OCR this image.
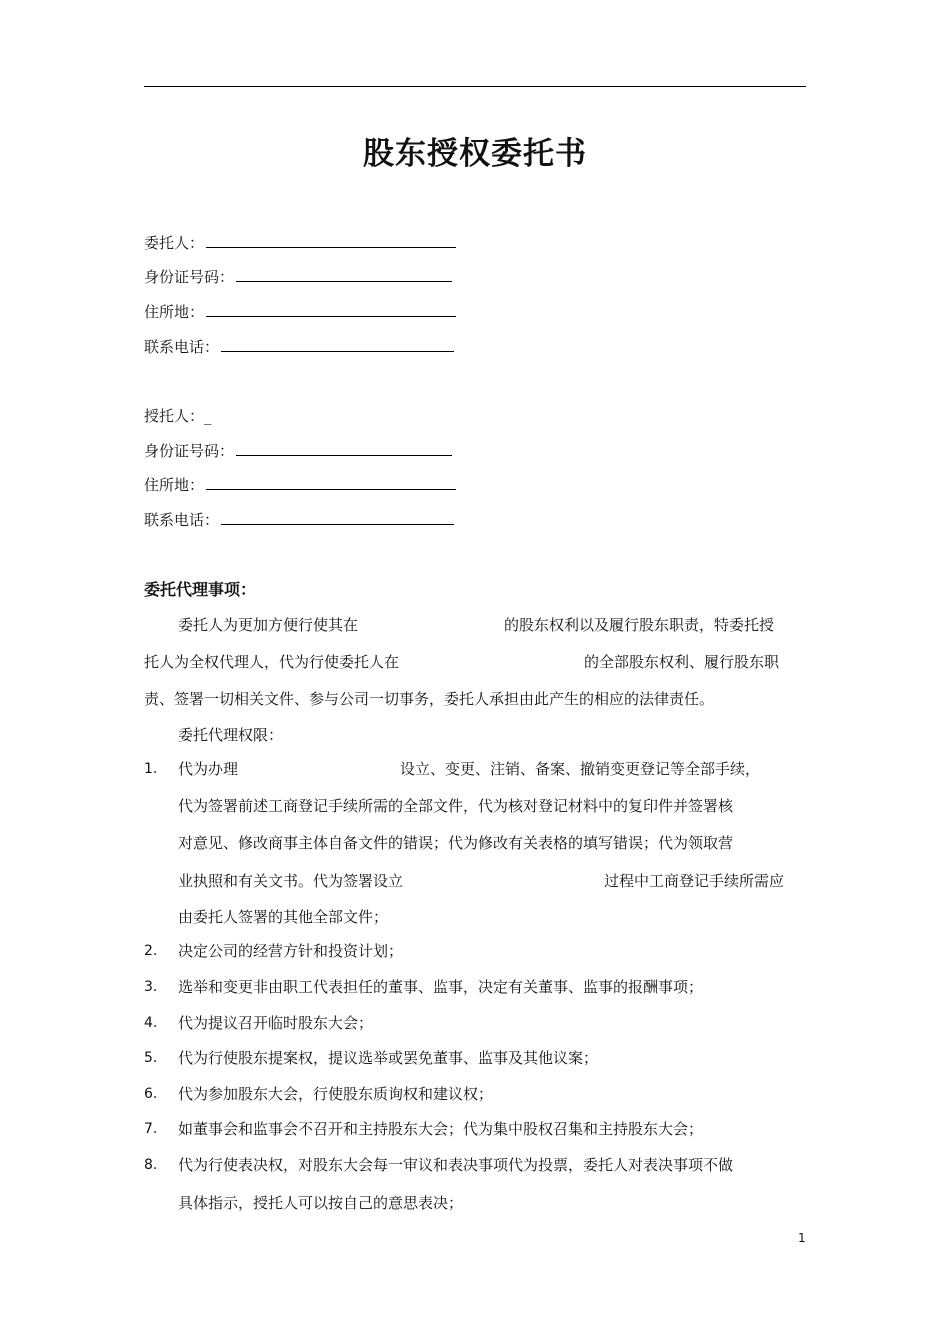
股东授权委托书
委托人：
身份证号码：
住所地：
联系电话：
授托人：_
身份证号码：
住所地：
联系电话：
委托代理事项：
委托人为更加方便行使其在	的股东权利以及履行股东职责，特委托授
托人为全权代理人，代为行使委托人在	的全部股东权利、履行股东职
责、签署一切相关文件、参与公司一切事务，委托人承担由此产生的相应的法律责任。
委托代理权限：
1. 代为办理	设立、变更、注销、备案、撤销变更登记等全部手续，
代为签署前述工商登记手续所需的全部文件，代为核对登记材料中的复印件并签署核
对意见、修改商事主体自备文件的错误；代为修改有关表格的填写错误；代为领取营
业执照和有关文书。代为签署设立	过程中工商登记手续所需应
由委托人签署的其他全部文件；
2. 决定公司的经营方针和投资计划；
3. 选举和变更非由职工代表担任的董事、监事，决定有关董事、监事的报酬事项；
4. 代为提议召开临时股东大会；
5. 代为行使股东提案权，提议选举或罢免董事、监事及其他议案；
6. 代为参加股东大会，行使股东质询权和建议权；
7. 如董事会和监事会不召开和主持股东大会；代为集中股权召集和主持股东大会；
8. 代为行使表决权，对股东大会每一审议和表决事项代为投票，委托人对表决事项不做
具体指示，授托人可以按自己的意思表决；
1
